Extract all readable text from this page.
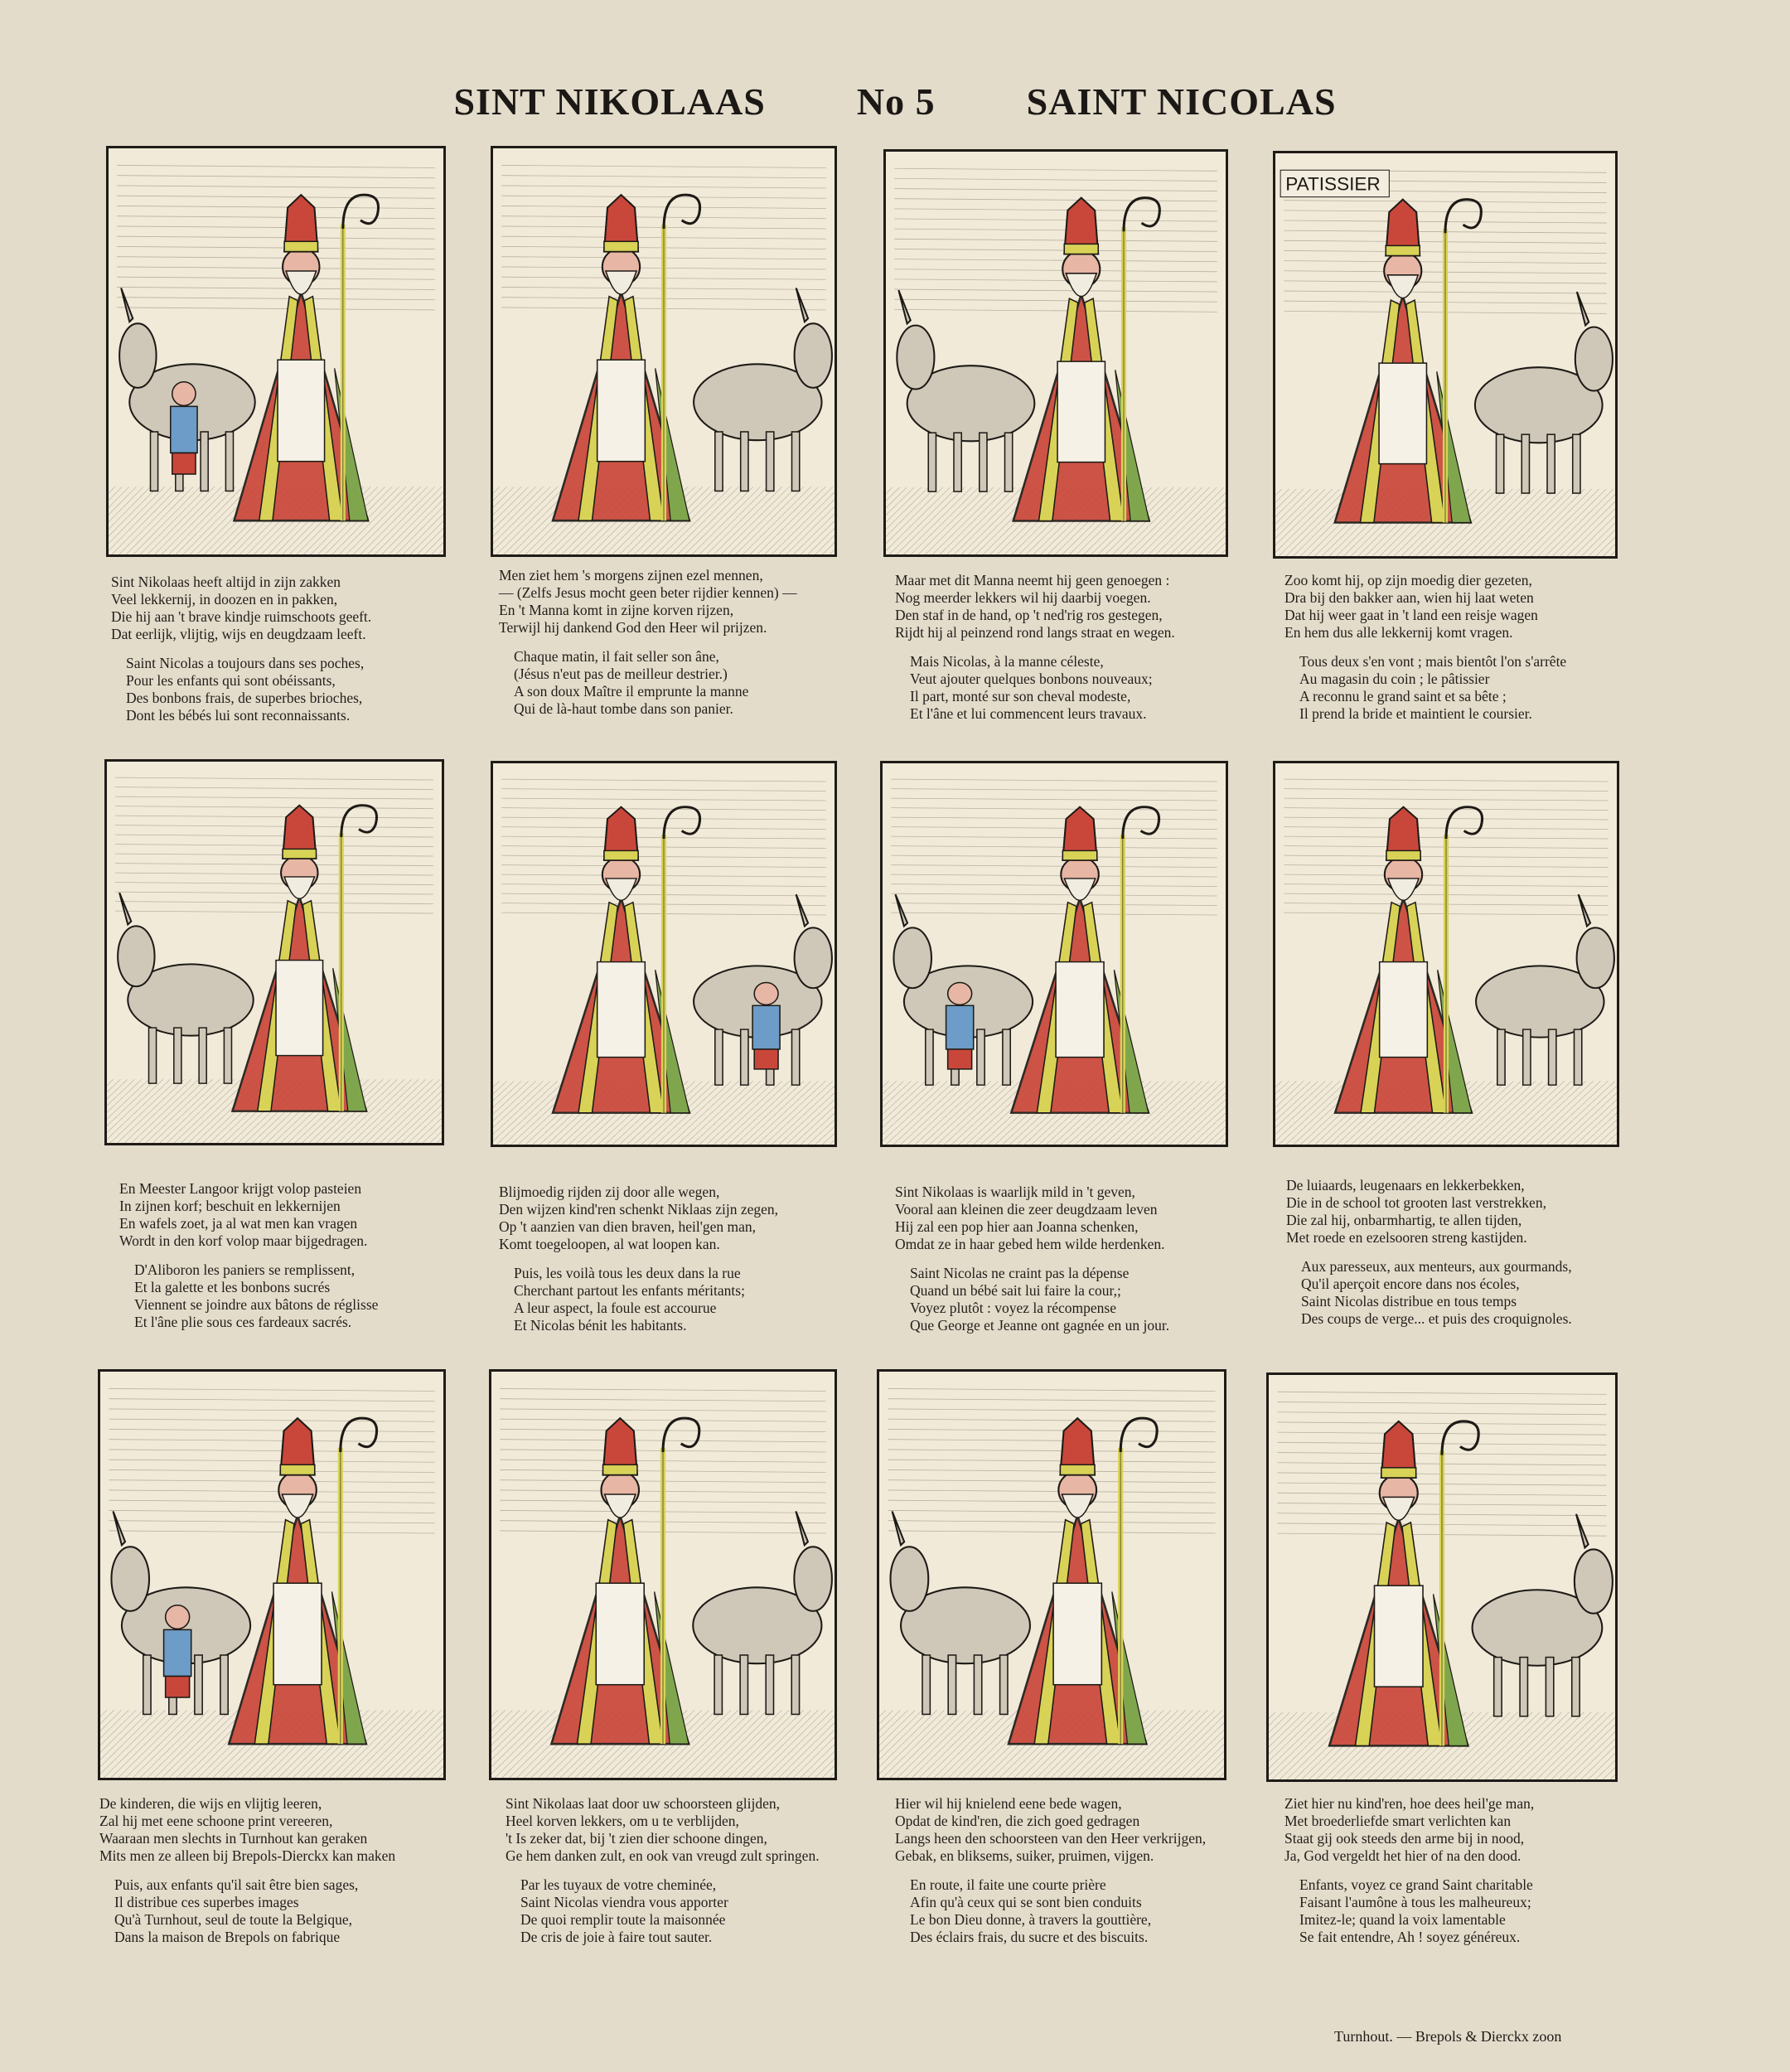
SINT NIKOLAAS No 5 SAINT NICOLAS
Sint Nikolaas heeft altijd in zijn zakken
Veel lekkernij, in doozen en in pakken,
Die hij aan 't brave kindje ruimschoots geeft.
Dat eerlijk, vlijtig, wijs en deugdzaam leeft.
Saint Nicolas a toujours dans ses poches,
Pour les enfants qui sont obéissants,
Des bonbons frais, de superbes brioches,
Dont les bébés lui sont reconnaissants.
Men ziet hem 's morgens zijnen ezel mennen,
— (Zelfs Jesus mocht geen beter rijdier kennen) —
En 't Manna komt in zijne korven rijzen,
Terwijl hij dankend God den Heer wil prijzen.
Chaque matin, il fait seller son âne,
(Jésus n'eut pas de meilleur destrier.)
A son doux Maître il emprunte la manne
Qui de là-haut tombe dans son panier.
Maar met dit Manna neemt hij geen genoegen :
Nog meerder lekkers wil hij daarbij voegen.
Den staf in de hand, op 't ned'rig ros gestegen,
Rijdt hij al peinzend rond langs straat en wegen.
Mais Nicolas, à la manne céleste,
Veut ajouter quelques bonbons nouveaux;
Il part, monté sur son cheval modeste,
Et l'âne et lui commencent leurs travaux.
PATISSIER
Zoo komt hij, op zijn moedig dier gezeten,
Dra bij den bakker aan, wien hij laat weten
Dat hij weer gaat in 't land een reisje wagen
En hem dus alle lekkernij komt vragen.
Tous deux s'en vont ; mais bientôt l'on s'arrête
Au magasin du coin ; le pâtissier
A reconnu le grand saint et sa bête ;
Il prend la bride et maintient le coursier.
En Meester Langoor krijgt volop pasteien
In zijnen korf; beschuit en lekkernijen
En wafels zoet, ja al wat men kan vragen
Wordt in den korf volop maar bijgedragen.
D'Aliboron les paniers se remplissent,
Et la galette et les bonbons sucrés
Viennent se joindre aux bâtons de réglisse
Et l'âne plie sous ces fardeaux sacrés.
Blijmoedig rijden zij door alle wegen,
Den wijzen kind'ren schenkt Niklaas zijn zegen,
Op 't aanzien van dien braven, heil'gen man,
Komt toegeloopen, al wat loopen kan.
Puis, les voilà tous les deux dans la rue
Cherchant partout les enfants méritants;
A leur aspect, la foule est accourue
Et Nicolas bénit les habitants.
Sint Nikolaas is waarlijk mild in 't geven,
Vooral aan kleinen die zeer deugdzaam leven
Hij zal een pop hier aan Joanna schenken,
Omdat ze in haar gebed hem wilde herdenken.
Saint Nicolas ne craint pas la dépense
Quand un bébé sait lui faire la cour,;
Voyez plutôt : voyez la récompense
Que George et Jeanne ont gagnée en un jour.
De luiaards, leugenaars en lekkerbekken,
Die in de school tot grooten last verstrekken,
Die zal hij, onbarmhartig, te allen tijden,
Met roede en ezelsooren streng kastijden.
Aux paresseux, aux menteurs, aux gourmands,
Qu'il aperçoit encore dans nos écoles,
Saint Nicolas distribue en tous temps
Des coups de verge... et puis des croquignoles.
De kinderen, die wijs en vlijtig leeren,
Zal hij met eene schoone print vereeren,
Waaraan men slechts in Turnhout kan geraken
Mits men ze alleen bij Brepols-Dierckx kan maken
Puis, aux enfants qu'il sait être bien sages,
Il distribue ces superbes images
Qu'à Turnhout, seul de toute la Belgique,
Dans la maison de Brepols on fabrique
Sint Nikolaas laat door uw schoorsteen glijden,
Heel korven lekkers, om u te verblijden,
't Is zeker dat, bij 't zien dier schoone dingen,
Ge hem danken zult, en ook van vreugd zult springen.
Par les tuyaux de votre cheminée,
Saint Nicolas viendra vous apporter
De quoi remplir toute la maisonnée
De cris de joie à faire tout sauter.
Hier wil hij knielend eene bede wagen,
Opdat de kind'ren, die zich goed gedragen
Langs heen den schoorsteen van den Heer verkrijgen,
Gebak, en bliksems, suiker, pruimen, vijgen.
En route, il faite une courte prière
Afin qu'à ceux qui se sont bien conduits
Le bon Dieu donne, à travers la gouttière,
Des éclairs frais, du sucre et des biscuits.
Ziet hier nu kind'ren, hoe dees heil'ge man,
Met broederliefde smart verlichten kan
Staat gij ook steeds den arme bij in nood,
Ja, God vergeldt het hier of na den dood.
Enfants, voyez ce grand Saint charitable
Faisant l'aumône à tous les malheureux;
Imitez-le; quand la voix lamentable
Se fait entendre, Ah ! soyez généreux.
Turnhout. — Brepols & Dierckx zoon
